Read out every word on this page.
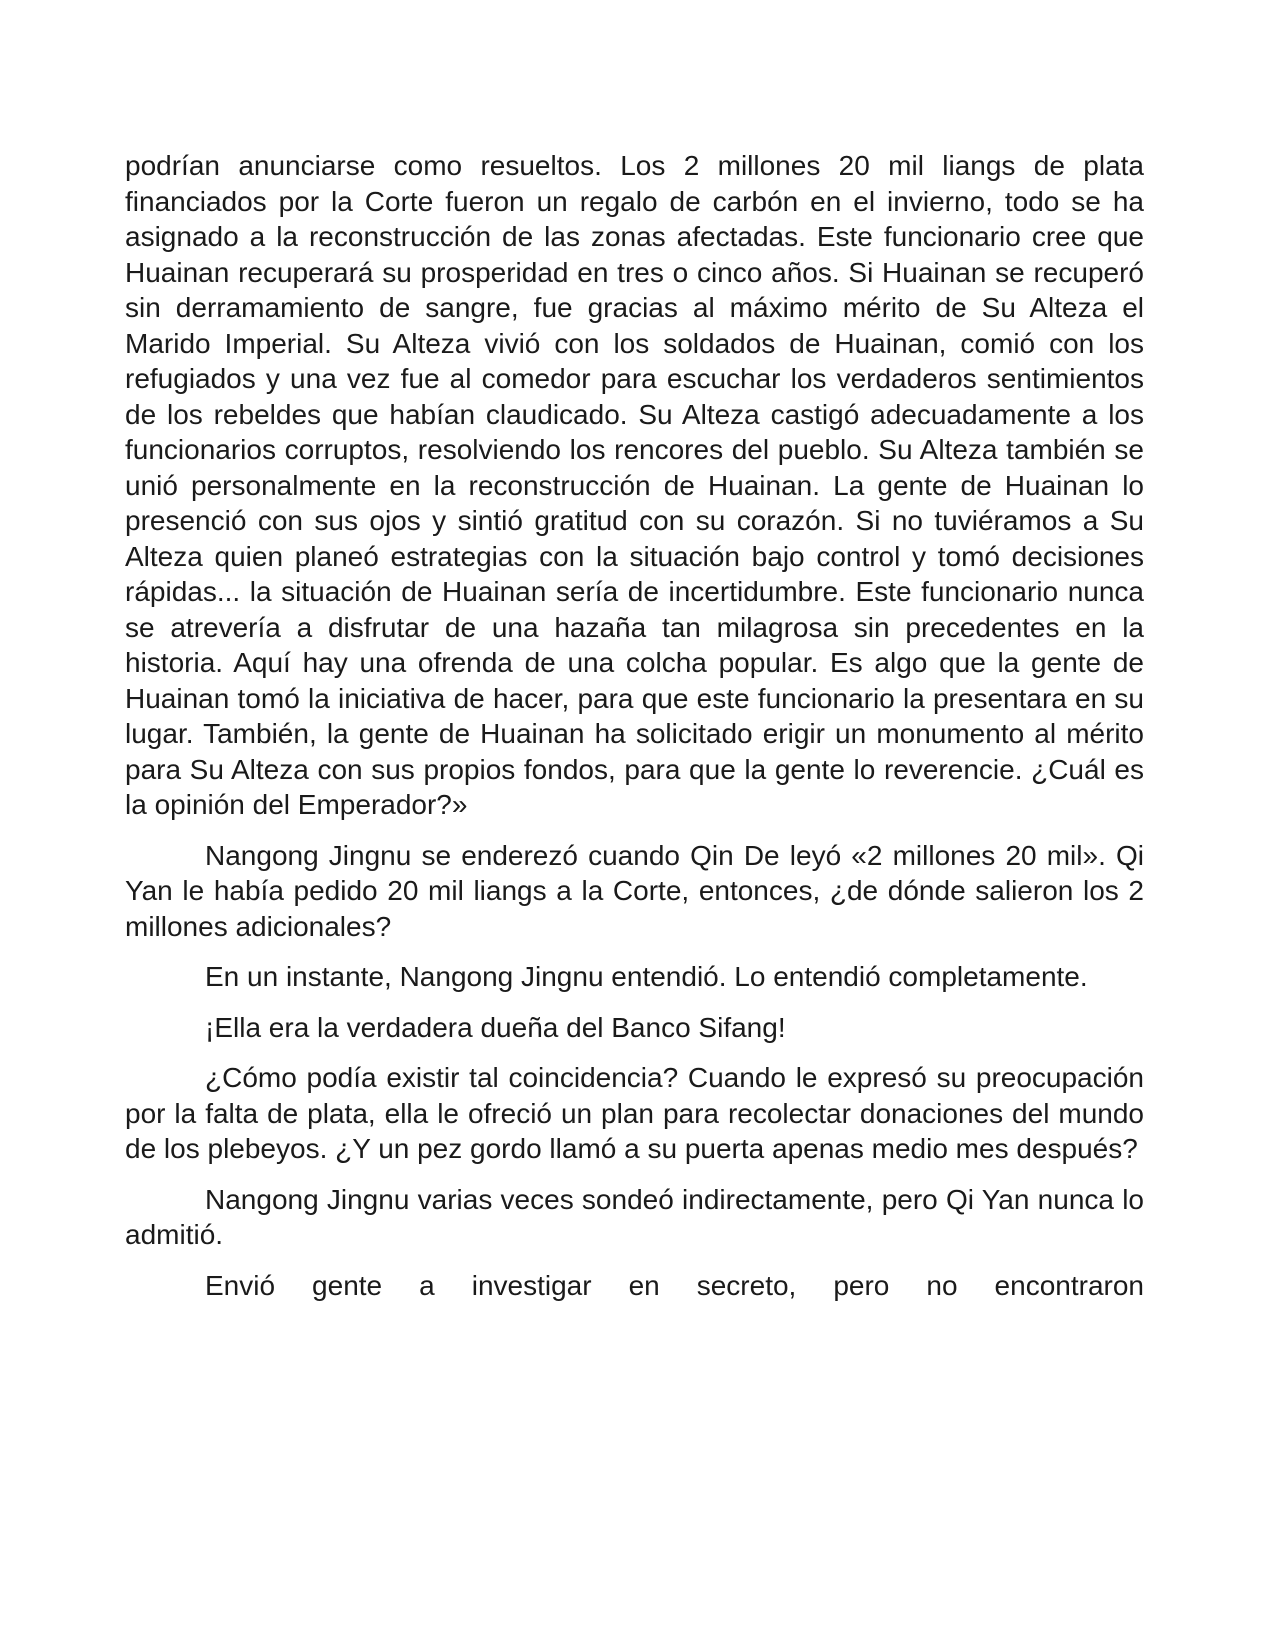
podrían anunciarse como resueltos. Los 2 millones 20 mil liangs de plata financiados por la Corte fueron un regalo de carbón en el invierno, todo se ha asignado a la reconstrucción de las zonas afectadas. Este funcionario cree que Huainan recuperará su prosperidad en tres o cinco años. Si Huainan se recuperó sin derramamiento de sangre, fue gracias al máximo mérito de Su Alteza el Marido Imperial. Su Alteza vivió con los soldados de Huainan, comió con los refugiados y una vez fue al comedor para escuchar los verdaderos sentimientos de los rebeldes que habían claudicado. Su Alteza castigó adecuadamente a los funcionarios corruptos, resolviendo los rencores del pueblo. Su Alteza también se unió personalmente en la reconstrucción de Huainan. La gente de Huainan lo presenció con sus ojos y sintió gratitud con su corazón. Si no tuviéramos a Su Alteza quien planeó estrategias con la situación bajo control y tomó decisiones rápidas... la situación de Huainan sería de incertidumbre. Este funcionario nunca se atrevería a disfrutar de una hazaña tan milagrosa sin precedentes en la historia. Aquí hay una ofrenda de una colcha popular. Es algo que la gente de Huainan tomó la iniciativa de hacer, para que este funcionario la presentara en su lugar. También, la gente de Huainan ha solicitado erigir un monumento al mérito para Su Alteza con sus propios fondos, para que la gente lo reverencie. ¿Cuál es la opinión del Emperador?»

Nangong Jingnu se enderezó cuando Qin De leyó «2 millones 20 mil». Qi Yan le había pedido 20 mil liangs a la Corte, entonces, ¿de dónde salieron los 2 millones adicionales?

En un instante, Nangong Jingnu entendió. Lo entendió completamente.

¡Ella era la verdadera dueña del Banco Sifang!

¿Cómo podía existir tal coincidencia? Cuando le expresó su preocupación por la falta de plata, ella le ofreció un plan para recolectar donaciones del mundo de los plebeyos. ¿Y un pez gordo llamó a su puerta apenas medio mes después?

Nangong Jingnu varias veces sondeó indirectamente, pero Qi Yan nunca lo admitió.

Envió gente a investigar en secreto, pero no encontraron
